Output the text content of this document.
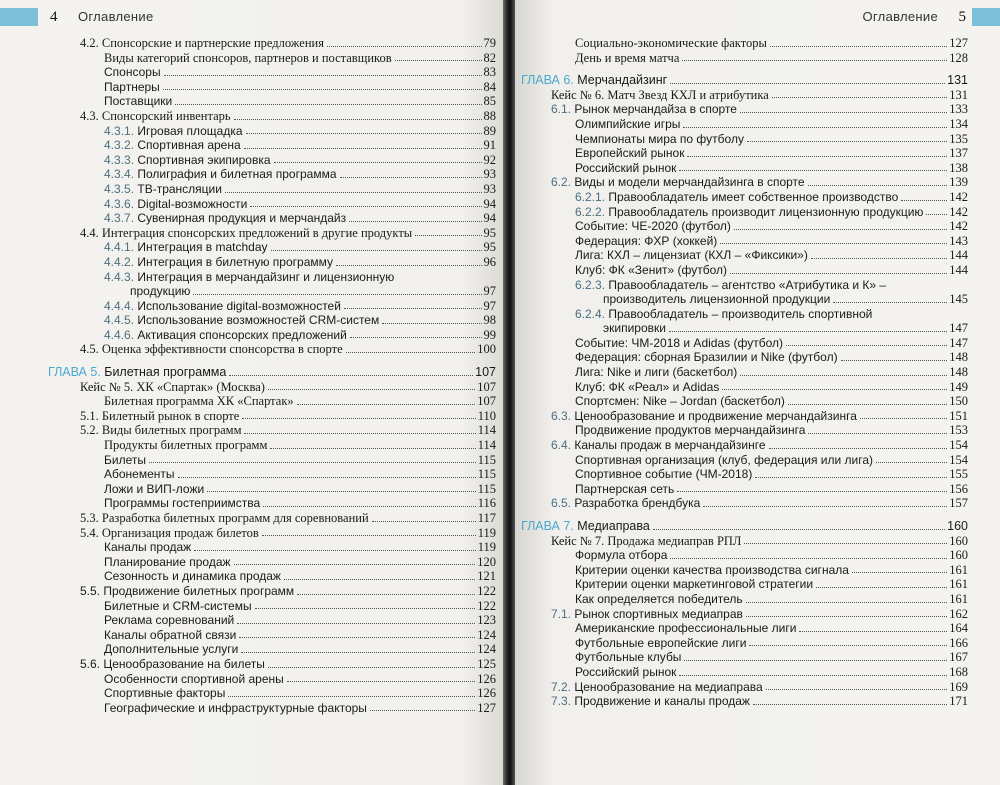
4 Оглавление
4.2. Спонсорские и партнерские предложения	79
Виды категорий спонсоров, партнеров и поставщиков	82
Спонсоры	83
Партнеры	84
Поставщики	85
4.3. Спонсорский инвентарь	88
4.3.1. Игровая площадка	89
4.3.2. Спортивная арена	91
4.3.3. Спортивная экипировка	92
4.3.4. Полиграфия и билетная программа	93
4.3.5. ТВ-трансляции	93
4.3.6. Digital-возможности	94
4.3.7. Сувенирная продукция и мерчандайз	94
4.4. Интеграция спонсорских предложений в другие продукты	95
4.4.1. Интеграция в matchday	95
4.4.2. Интеграция в билетную программу	96
4.4.3. Интеграция в мерчандайзинг и лицензионную
продукцию	97
4.4.4. Использование digital-возможностей	97
4.4.5. Использование возможностей CRM-систем	98
4.4.6. Активация спонсорских предложений	99
4.5. Оценка эффективности спонсорства в спорте	100
ГЛАВА 5. Билетная программа	107
Кейс № 5. ХК «Спартак» (Москва)	107
Билетная программа ХК «Спартак»	107
5.1. Билетный рынок в спорте	110
5.2. Виды билетных программ	114
Продукты билетных программ	114
Билеты	115
Абонементы	115
Ложи и ВИП-ложи	115
Программы гостеприимства	116
5.3. Разработка билетных программ для соревнований	117
5.4. Организация продаж билетов	119
Каналы продаж	119
Планирование продаж	120
Сезонность и динамика продаж	121
5.5. Продвижение билетных программ	122
Билетные и CRM-системы	122
Реклама соревнований	123
Каналы обратной связи	124
Дополнительные услуги	124
5.6. Ценообразование на билеты	125
Особенности спортивной арены	126
Спортивные факторы	126
Географические и инфраструктурные факторы	127
Оглавление 5
Социально-экономические факторы	127
День и время матча	128
ГЛАВА 6. Мерчандайзинг	131
Кейс № 6. Матч Звезд КХЛ и атрибутика	131
6.1. Рынок мерчандайза в спорте	133
Олимпийские игры	134
Чемпионаты мира по футболу	135
Европейский рынок	137
Российский рынок	138
6.2. Виды и модели мерчандайзинга в спорте	139
6.2.1. Правообладатель имеет собственное производство	142
6.2.2. Правообладатель производит лицензионную продукцию 142
Событие: ЧЕ-2020 (футбол)	142
Федерация: ФХР (хоккей)	143
Лига: КХЛ – лицензиат (КХЛ – «Фиксики»)	144
Клуб: ФК «Зенит» (футбол)	144
6.2.3. Правообладатель – агентство «Атрибутика и К» –
производитель лицензионной продукции	145
6.2.4. Правообладатель – производитель спортивной
экипировки	147
Событие: ЧМ-2018 и Adidas (футбол)	147
Федерация: сборная Бразилии и Nike (футбол)	148
Лига: Nike и лиги (баскетбол)	148
Клуб: ФК «Реал» и Adidas	149
Спортсмен: Nike – Jordan (баскетбол)	150
6.3. Ценообразование и продвижение мерчандайзинга	151
Продвижение продуктов мерчандайзинга	153
6.4. Каналы продаж в мерчандайзинге	154
Спортивная организация (клуб, федерация или лига)	154
Спортивное событие (ЧМ-2018)	155
Партнерская сеть	156
6.5. Разработка брендбука	157
ГЛАВА 7. Медиаправа	160
Кейс № 7. Продажа медиаправ РПЛ	160
Формула отбора	160
Критерии оценки качества производства сигнала	161
Критерии оценки маркетинговой стратегии	161
Как определяется победитель	161
7.1. Рынок спортивных медиаправ	162
Американские профессиональные лиги	164
Футбольные европейские лиги	166
Футбольные клубы	167
Российский рынок	168
7.2. Ценообразование на медиаправа	169
7.3. Продвижение и каналы продаж	171
